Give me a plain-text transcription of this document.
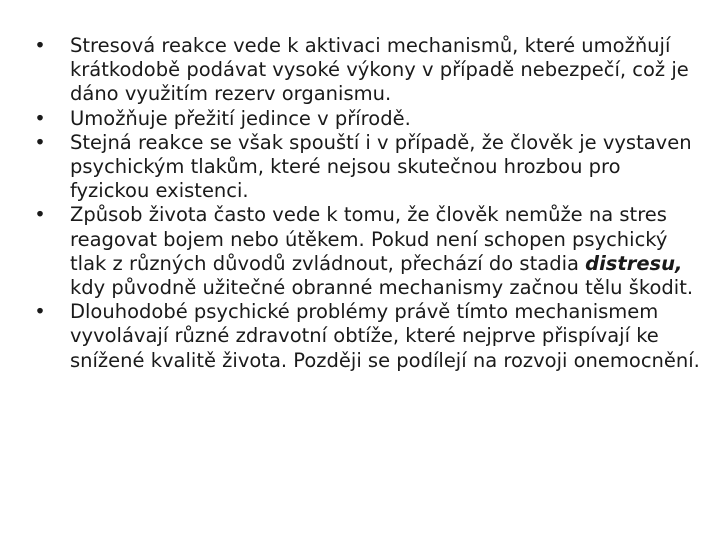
• Stresová reakce vede k aktivaci mechanismů, které umožňují krátkodobě podávat vysoké výkony v případě nebezpečí, což je dáno využitím rezerv organismu.
• Umožňuje přežití jedince v přírodě.
• Stejná reakce se však spouští i v případě, že člověk je vystaven psychickým tlakům, které nejsou skutečnou hrozbou pro fyzickou existenci.
• Způsob života často vede k tomu, že člověk nemůže na stres reagovat bojem nebo útěkem. Pokud není schopen psychický tlak z různých důvodů zvládnout, přechází do stadia distresu, kdy původně užitečné obranné mechanismy začnou tělu škodit.
• Dlouhodobé psychické problémy právě tímto mechanismem vyvolávají různé zdravotní obtíže, které nejprve přispívají ke snížené kvalitě života. Později se podílejí na rozvoji onemocnění.
